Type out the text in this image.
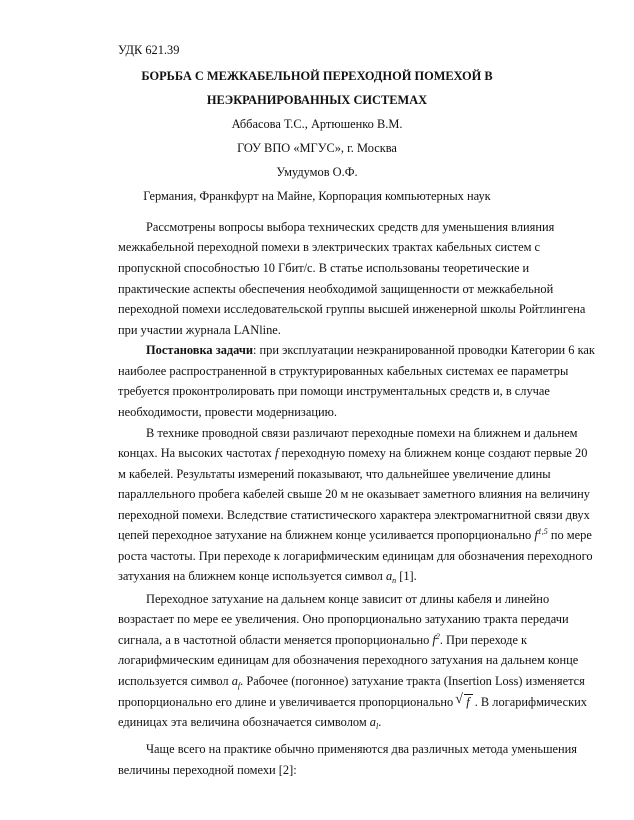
УДК 621.39
БОРЬБА С МЕЖКАБЕЛЬНОЙ ПЕРЕХОДНОЙ ПОМЕХОЙ В
НЕЭКРАНИРОВАННЫХ СИСТЕМАХ
Аббасова Т.С., Артюшенко В.М.
ГОУ ВПО «МГУС», г. Москва
Умудумов О.Ф.
Германия, Франкфурт на Майне, Корпорация компьютерных наук
Рассмотрены вопросы выбора технических средств для уменьшения влияния
межкабельной переходной помехи в электрических трактах кабельных систем с
пропускной способностью 10 Гбит/с. В статье использованы теоретические и
практические аспекты обеспечения необходимой защищенности от межкабельной
переходной помехи исследовательской группы высшей инженерной школы Ройтлингена
при участии журнала LANline.
Постановка задачи: при эксплуатации неэкранированной проводки Категории 6 как
наиболее распространенной в структурированных кабельных системах ее параметры
требуется проконтролировать при помощи инструментальных средств и, в случае
необходимости, провести модернизацию.
В технике проводной связи различают переходные помехи на ближнем и дальнем
концах. На высоких частотах f переходную помеху на ближнем конце создают первые 20
м кабелей. Результаты измерений показывают, что дальнейшее увеличение длины
параллельного пробега кабелей свыше 20 м не оказывает заметного влияния на величину
переходной помехи. Вследствие статистического характера электромагнитной связи двух
цепей переходное затухание на ближнем конце усиливается пропорционально $f^{1,5}$ по мере
роста частоты. При переходе к логарифмическим единицам для обозначения переходного
затухания на ближнем конце используется символ $a_n$ [1].
Переходное затухание на дальнем конце зависит от длины кабеля и линейно
возрастает по мере ее увеличения. Оно пропорционально затуханию тракта передачи
сигнала, а в частотной области меняется пропорционально $f^2$. При переходе к
логарифмическим единицам для обозначения переходного затухания на дальнем конце
используется символ $a_f$. Рабочее (погонное) затухание тракта (Insertion Loss) изменяется
пропорционально его длине и увеличивается пропорционально√ f . В логарифмических
единицах эта величина обозначается символом $a_l$.
Чаще всего на практике обычно применяются два различных метода уменьшения
величины переходной помехи [2]:
